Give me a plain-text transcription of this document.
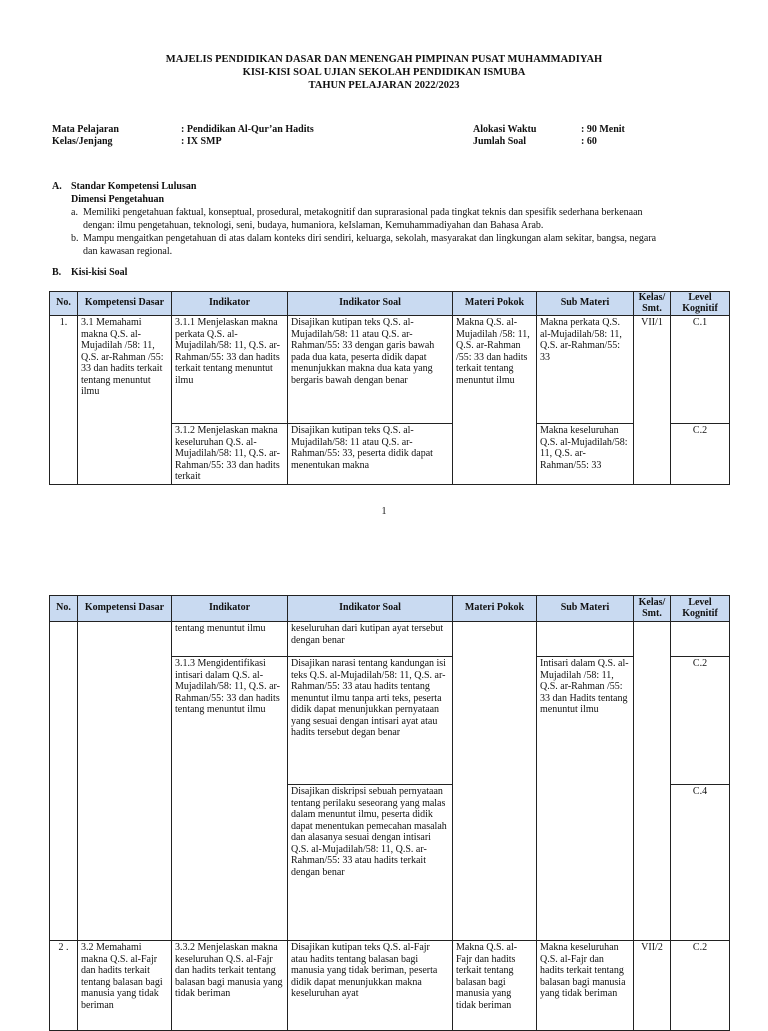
MAJELIS PENDIDIKAN DASAR DAN MENENGAH PIMPINAN PUSAT MUHAMMADIYAH
KISI-KISI SOAL UJIAN SEKOLAH PENDIDIKAN ISMUBA
TAHUN PELAJARAN 2022/2023
Mata Pelajaran	: Pendidikan Al-Qur’an Hadits	Alokasi Waktu	: 90 Menit
Kelas/Jenjang	: IX SMP	Jumlah Soal	: 60
A. Standar Kompetensi Lulusan
Dimensi Pengetahuan
a. Memiliki pengetahuan faktual, konseptual, prosedural, metakognitif dan suprarasional pada tingkat teknis dan spesifik sederhana berkenaan
dengan: ilmu pengetahuan, teknologi, seni, budaya, humaniora, keIslaman, Kemuhammadiyahan dan Bahasa Arab.
b. Mampu mengaitkan pengetahuan di atas dalam konteks diri sendiri, keluarga, sekolah, masyarakat dan lingkungan alam sekitar, bangsa, negara
dan kawasan regional.
B. Kisi-kisi Soal
No.	Kompetensi Dasar	Indikator	Indikator Soal	Materi Pokok	Sub Materi	Kelas/ Smt.	Level Kognitif
1.	3.1 Memahami makna Q.S. al-Mujadilah /58: 11, Q.S. ar-Rahman /55: 33 dan hadits terkait tentang menuntut ilmu	3.1.1 Menjelaskan makna perkata Q.S. al-Mujadilah/58: 11, Q.S. ar-Rahman/55: 33 dan hadits terkait tentang menuntut ilmu	Disajikan kutipan teks Q.S. al-Mujadilah/58: 11 atau Q.S. ar-Rahman/55: 33 dengan garis bawah pada dua kata, peserta didik dapat menunjukkan makna dua kata yang bergaris bawah dengan benar	Makna Q.S. al-Mujadilah /58: 11, Q.S. ar-Rahman /55: 33 dan hadits terkait tentang menuntut ilmu	Makna perkata Q.S. al-Mujadilah/58: 11, Q.S. ar-Rahman/55: 33	VII/1	C.1
		3.1.2 Menjelaskan makna keseluruhan Q.S. al-Mujadilah/58: 11, Q.S. ar-Rahman/55: 33 dan hadits terkait	Disajikan kutipan teks Q.S. al-Mujadilah/58: 11 atau Q.S. ar-Rahman/55: 33, peserta didik dapat menentukan makna		Makna keseluruhan Q.S. al-Mujadilah/58: 11, Q.S. ar-Rahman/55: 33		C.2
1
No.	Kompetensi Dasar	Indikator	Indikator Soal	Materi Pokok	Sub Materi	Kelas/ Smt.	Level Kognitif
		tentang menuntut ilmu	keseluruhan dari kutipan ayat tersebut dengan benar				
		3.1.3 Mengidentifikasi intisari dalam Q.S. al-Mujadilah/58: 11, Q.S. ar-Rahman/55: 33 dan hadits tentang menuntut ilmu	Disajikan narasi tentang kandungan isi teks Q.S. al-Mujadilah/58: 11, Q.S. ar-Rahman/55: 33 atau hadits tentang menuntut ilmu tanpa arti teks, peserta didik dapat menunjukkan pernyataan yang sesuai dengan intisari ayat atau hadits tersebut degan benar		Intisari dalam Q.S. al-Mujadilah /58: 11, Q.S. ar-Rahman /55: 33 dan Hadits tentang menuntut ilmu		C.2
			Disajikan diskripsi sebuah pernyataan tentang perilaku seseorang yang malas dalam menuntut ilmu, peserta didik dapat menentukan pemecahan masalah dan alasanya sesuai dengan intisari Q.S. al-Mujadilah/58: 11, Q.S. ar-Rahman/55: 33 atau hadits terkait dengan benar				C.4
2 .	3.2 Memahami makna Q.S. al-Fajr dan hadits terkait tentang balasan bagi manusia yang tidak beriman	3.3.2 Menjelaskan makna keseluruhan Q.S. al-Fajr dan hadits terkait tentang balasan bagi manusia yang tidak beriman	Disajikan kutipan teks Q.S. al-Fajr atau hadits tentang balasan bagi manusia yang tidak beriman, peserta didik dapat menunjukkan makna keseluruhan ayat	Makna Q.S. al-Fajr dan hadits terkait tentang balasan bagi manusia yang tidak beriman	Makna keseluruhan Q.S. al-Fajr dan hadits terkait tentang balasan bagi manusia yang tidak beriman	VII/2	C.2
